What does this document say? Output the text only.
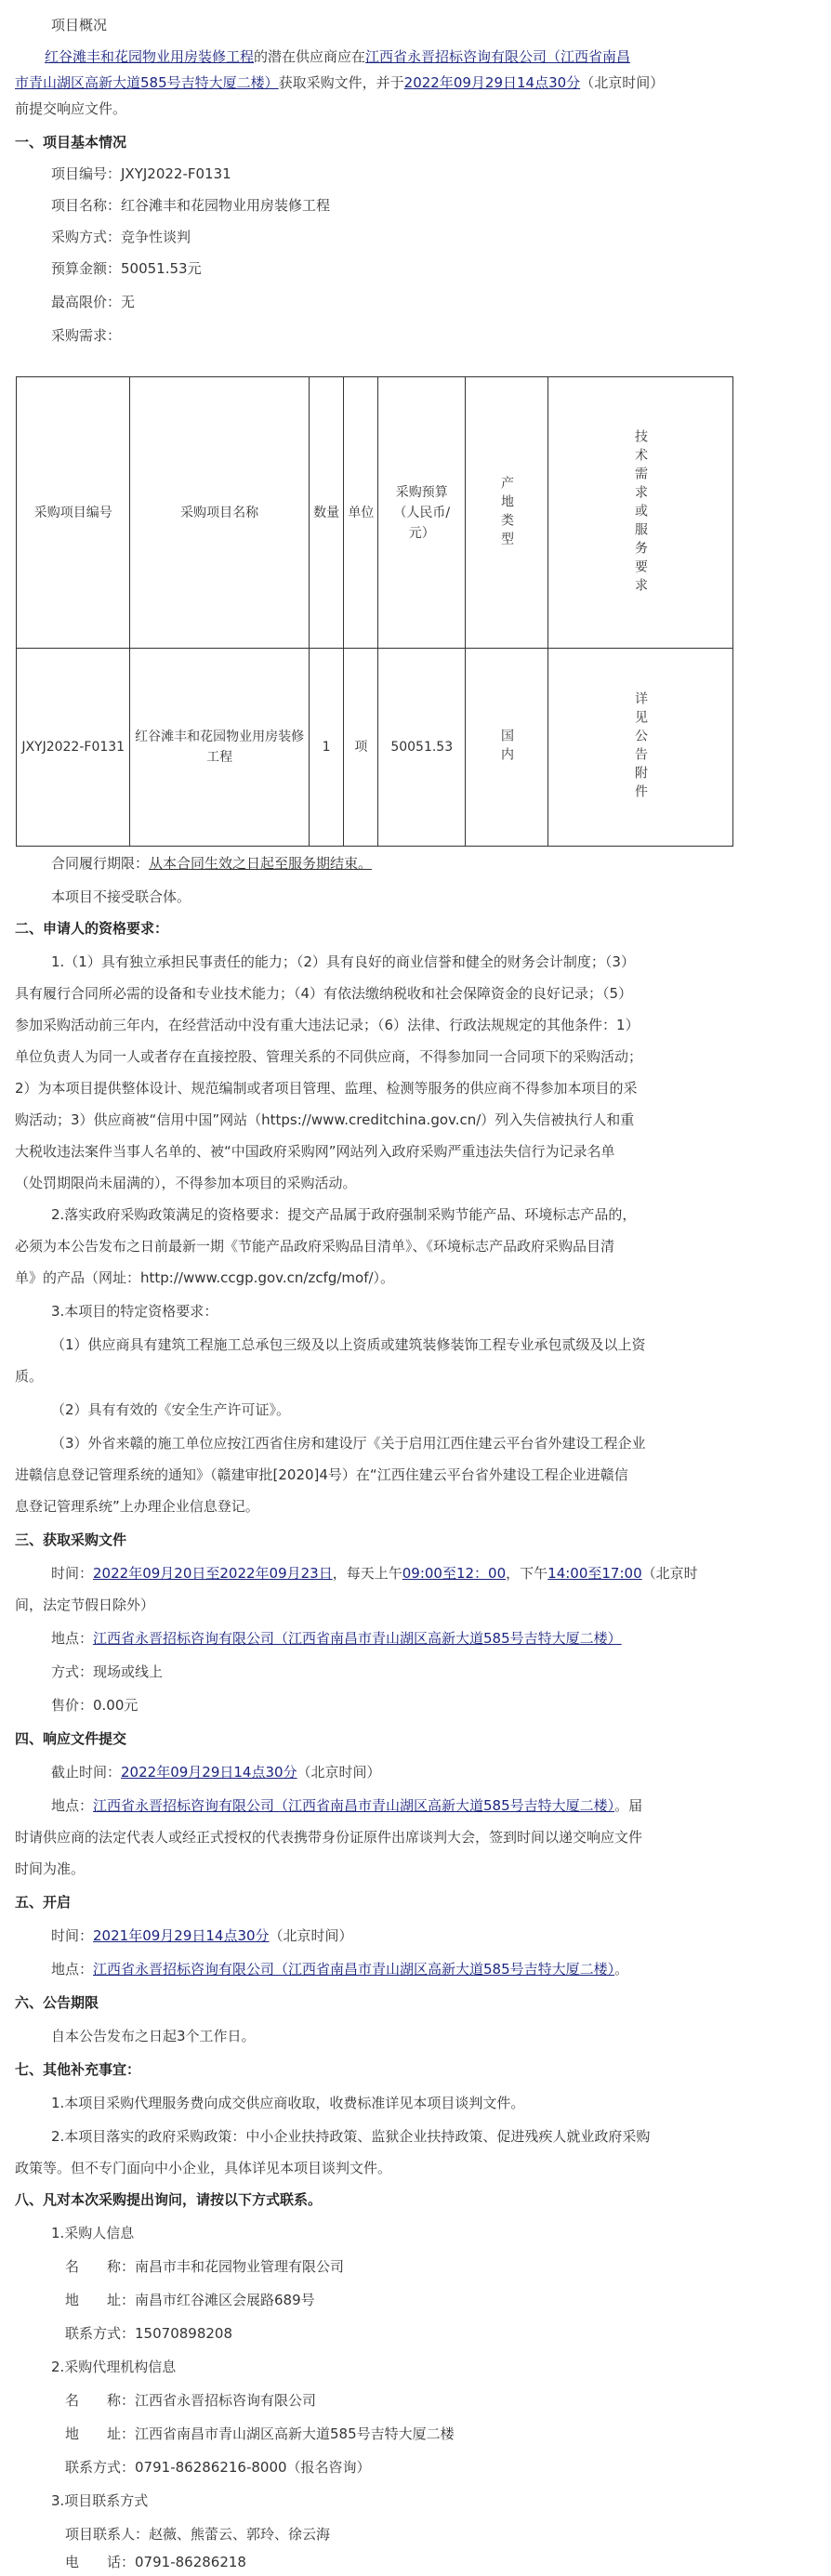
项目概况
红谷滩丰和花园物业用房装修工程的潜在供应商应在江西省永晋招标咨询有限公司（江西省南昌
市青山湖区高新大道585号吉特大厦二楼）获取采购文件，并于2022年09月29日14点30分（北京时间）
前提交响应文件。
一、项目基本情况
项目编号：JXYJ2022-F0131
项目名称：红谷滩丰和花园物业用房装修工程
采购方式：竞争性谈判
预算金额：50051.53元
最高限价：无
采购需求：
采购项目编号	采购项目名称	数量	单位	采购预算（人民币/元）	产地类型	技术需求或服务要求

JXYJ2022-F0131	红谷滩丰和花园物业用房装修工程	1	项	50051.53	国内	详见公告附件
合同履行期限：从本合同生效之日起至服务期结束。
本项目不接受联合体。
二、申请人的资格要求：
1.（1）具有独立承担民事责任的能力；（2）具有良好的商业信誉和健全的财务会计制度；（3）
具有履行合同所必需的设备和专业技术能力；（4）有依法缴纳税收和社会保障资金的良好记录；（5）
参加采购活动前三年内，在经营活动中没有重大违法记录；（6）法律、行政法规规定的其他条件：1）
单位负责人为同一人或者存在直接控股、管理关系的不同供应商，不得参加同一合同项下的采购活动；
2）为本项目提供整体设计、规范编制或者项目管理、监理、检测等服务的供应商不得参加本项目的采
购活动；3）供应商被“信用中国”网站（https://www.creditchina.gov.cn/）列入失信被执行人和重
大税收违法案件当事人名单的、被“中国政府采购网”网站列入政府采购严重违法失信行为记录名单
（处罚期限尚未届满的），不得参加本项目的采购活动。
2.落实政府采购政策满足的资格要求：提交产品属于政府强制采购节能产品、环境标志产品的，
必须为本公告发布之日前最新一期《节能产品政府采购品目清单》、《环境标志产品政府采购品目清
单》的产品（网址：http://www.ccgp.gov.cn/zcfg/mof/）。
3.本项目的特定资格要求：
（1）供应商具有建筑工程施工总承包三级及以上资质或建筑装修装饰工程专业承包贰级及以上资
质。
（2）具有有效的《安全生产许可证》。
（3）外省来赣的施工单位应按江西省住房和建设厅《关于启用江西住建云平台省外建设工程企业
进赣信息登记管理系统的通知》（赣建审批[2020]4号）在“江西住建云平台省外建设工程企业进赣信
息登记管理系统”上办理企业信息登记。
三、获取采购文件
时间：2022年09月20日至2022年09月23日，每天上午09:00至12：00，下午14:00至17:00（北京时
间，法定节假日除外）
地点：江西省永晋招标咨询有限公司（江西省南昌市青山湖区高新大道585号吉特大厦二楼）
方式：现场或线上
售价：0.00元
四、响应文件提交
截止时间：2022年09月29日14点30分（北京时间）
地点：江西省永晋招标咨询有限公司（江西省南昌市青山湖区高新大道585号吉特大厦二楼）。届
时请供应商的法定代表人或经正式授权的代表携带身份证原件出席谈判大会，签到时间以递交响应文件
时间为准。
五、开启
时间：2021年09月29日14点30分（北京时间）
地点：江西省永晋招标咨询有限公司（江西省南昌市青山湖区高新大道585号吉特大厦二楼）。
六、公告期限
自本公告发布之日起3个工作日。
七、其他补充事宜：
1.本项目采购代理服务费向成交供应商收取，收费标准详见本项目谈判文件。
2.本项目落实的政府采购政策：中小企业扶持政策、监狱企业扶持政策、促进残疾人就业政府采购
政策等。但不专门面向中小企业，具体详见本项目谈判文件。
八、凡对本次采购提出询问，请按以下方式联系。
1.采购人信息
名　　称：南昌市丰和花园物业管理有限公司
地　　址：南昌市红谷滩区会展路689号
联系方式：15070898208
2.采购代理机构信息
名　　称：江西省永晋招标咨询有限公司
地　　址：江西省南昌市青山湖区高新大道585号吉特大厦二楼
联系方式：0791-86286216-8000（报名咨询）
3.项目联系方式
项目联系人：赵薇、熊蕾云、郭玲、徐云海
电　　话：0791-86286218
